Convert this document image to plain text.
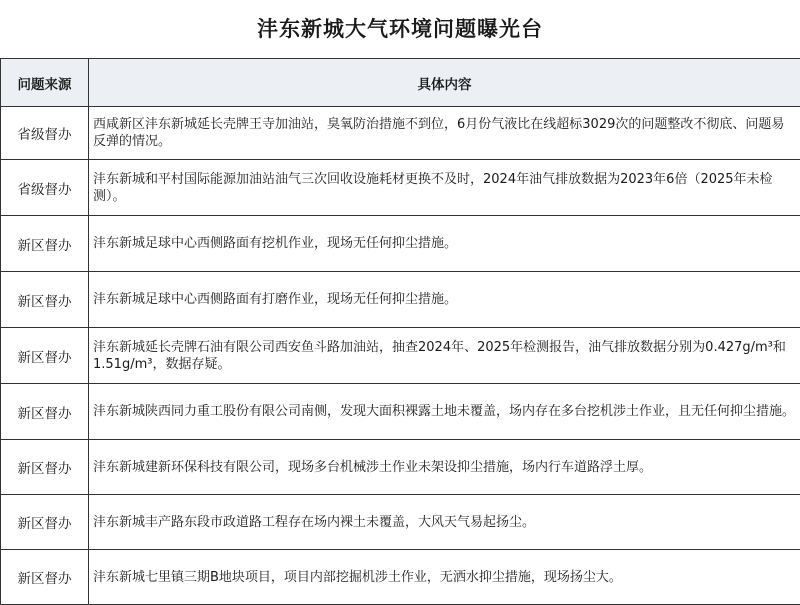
沣东新城大气环境问题曝光台
问题来源	具体内容
省级督办	西咸新区沣东新城延长壳牌王寺加油站，臭氧防治措施不到位，6月份气液比在线超标3029次的问题整改不彻底、问题易反弹的情况。
省级督办	沣东新城和平村国际能源加油站油气三次回收设施耗材更换不及时，2024年油气排放数据为2023年6倍（2025年未检测）。
新区督办	沣东新城足球中心西侧路面有挖机作业，现场无任何抑尘措施。
新区督办	沣东新城足球中心西侧路面有打磨作业，现场无任何抑尘措施。
新区督办	沣东新城延长壳牌石油有限公司西安鱼斗路加油站，抽查2024年、2025年检测报告，油气排放数据分别为0.427g/m³和1.51g/m³，数据存疑。
新区督办	沣东新城陕西同力重工股份有限公司南侧，发现大面积裸露土地未覆盖，场内存在多台挖机涉土作业，且无任何抑尘措施。
新区督办	沣东新城建新环保科技有限公司，现场多台机械涉土作业未架设抑尘措施，场内行车道路浮土厚。
新区督办	沣东新城丰产路东段市政道路工程存在场内裸土未覆盖，大风天气易起扬尘。
新区督办	沣东新城七里镇三期B地块项目，项目内部挖掘机涉土作业，无洒水抑尘措施，现场扬尘大。
